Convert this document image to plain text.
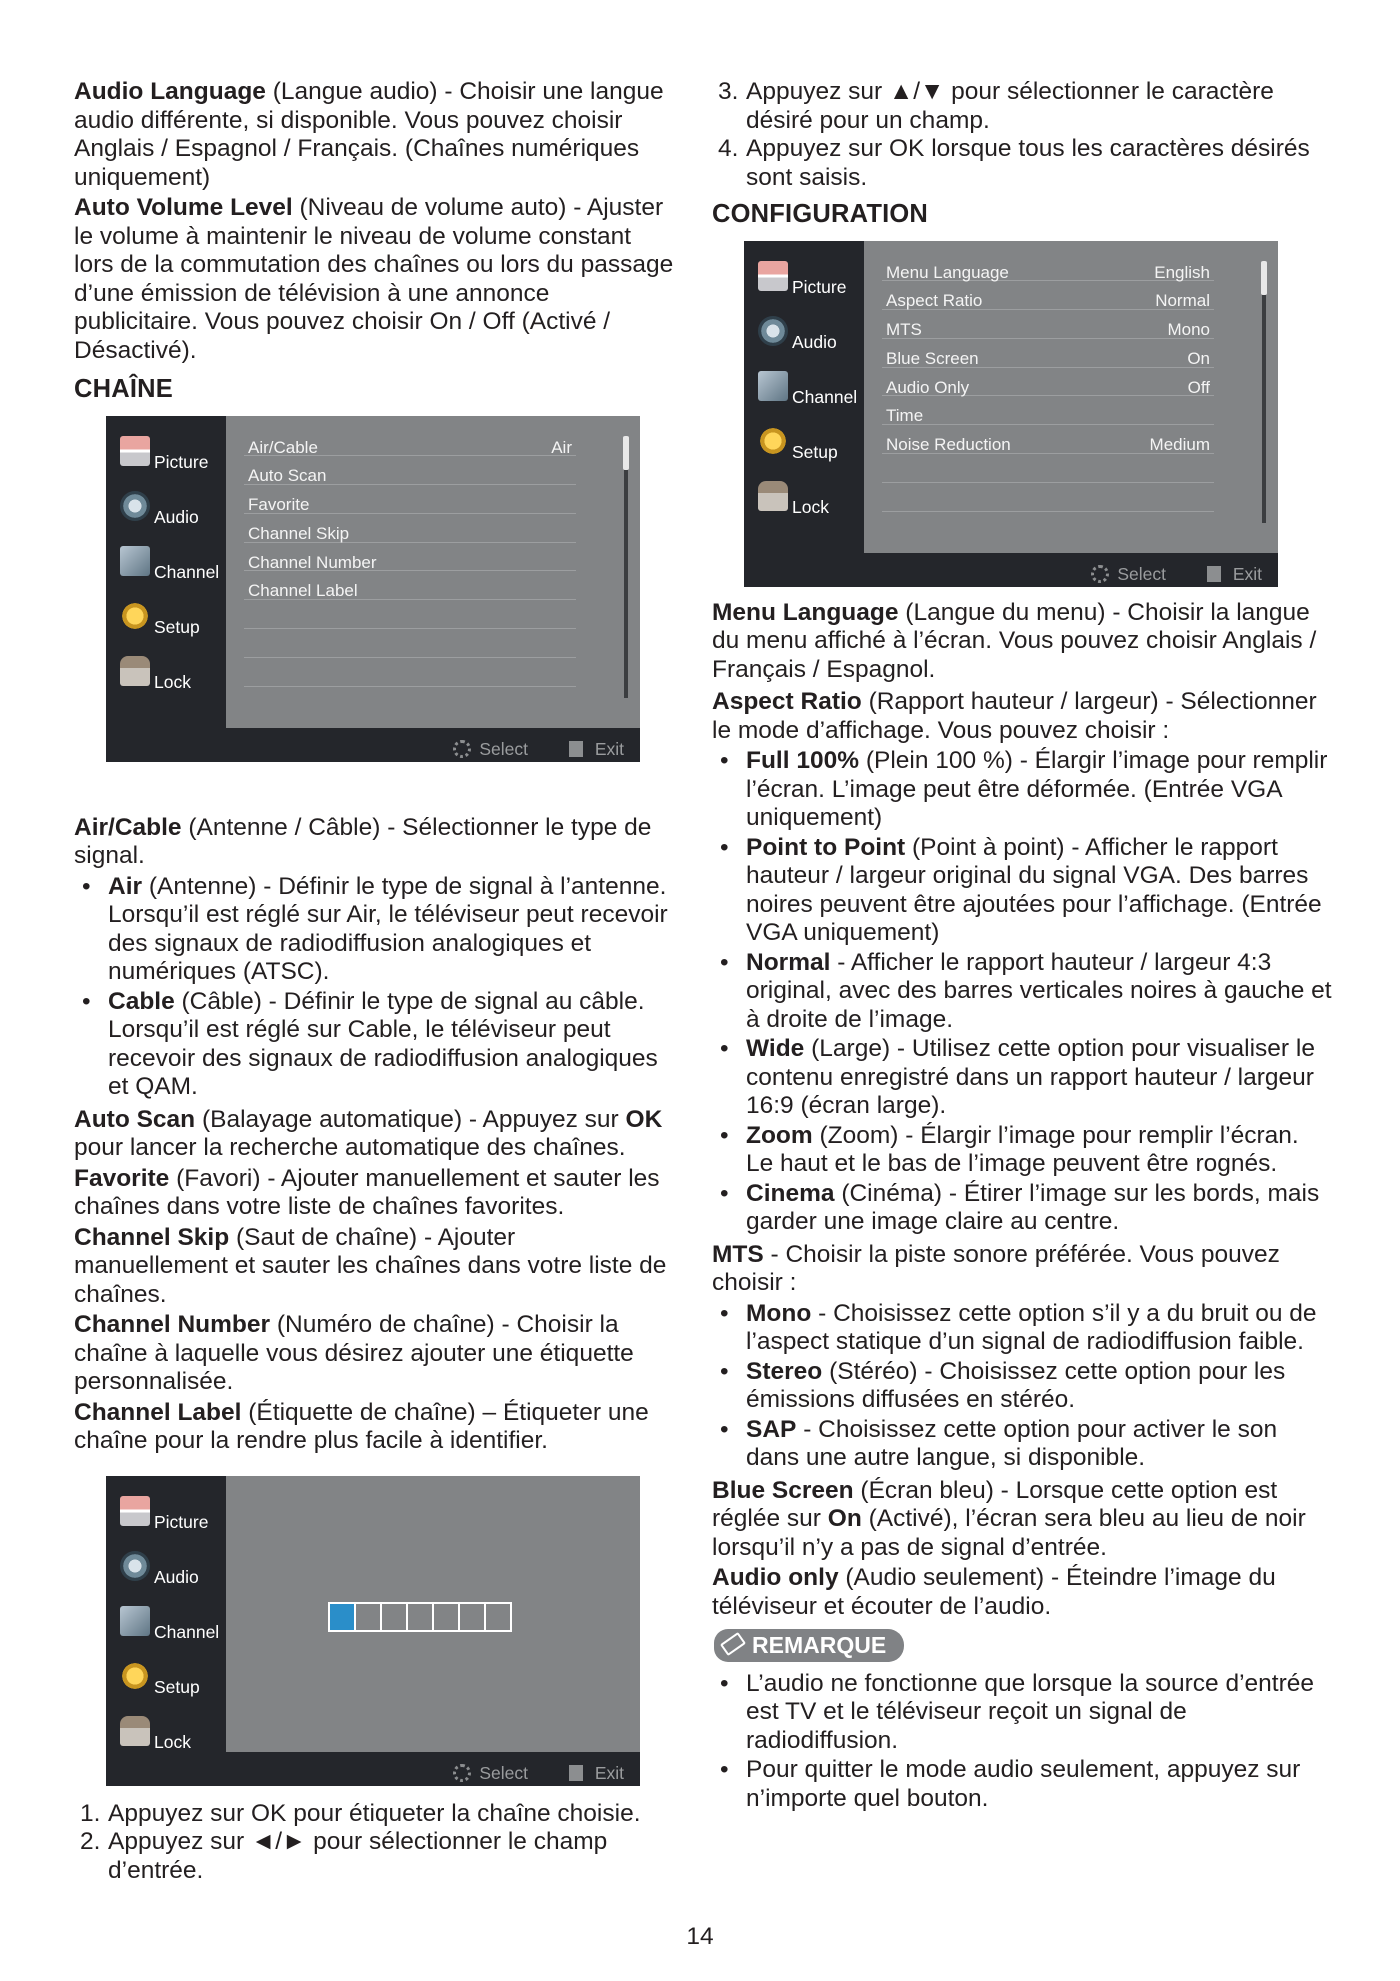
Audio Language (Langue audio) - Choisir une langue audio différente, si disponible. Vous pouvez choisir Anglais / Espagnol / Français. (Chaînes numériques uniquement)
Auto Volume Level (Niveau de volume auto) - Ajuster le volume à maintenir le niveau de volume constant lors de la commutation des chaînes ou lors du passage d’une émission de télévision à une annonce publicitaire. Vous pouvez choisir On / Off (Activé / Désactivé).
CHAÎNE
Picture
Audio
Channel
Setup
Lock
Air/Cable	Air
Auto Scan
Favorite
Channel Skip
Channel Number
Channel Label
Select	Exit
Air/Cable (Antenne / Câble) - Sélectionner le type de signal.
• Air (Antenne) - Définir le type de signal à l’antenne. Lorsqu’il est réglé sur Air, le téléviseur peut recevoir des signaux de radiodiffusion analogiques et numériques (ATSC).
• Cable (Câble) - Définir le type de signal au câble. Lorsqu’il est réglé sur Cable, le téléviseur peut recevoir des signaux de radiodiffusion analogiques et QAM.
Auto Scan (Balayage automatique) - Appuyez sur OK pour lancer la recherche automatique des chaînes.
Favorite (Favori) - Ajouter manuellement et sauter les chaînes dans votre liste de chaînes favorites.
Channel Skip (Saut de chaîne) - Ajouter manuellement et sauter les chaînes dans votre liste de chaînes.
Channel Number (Numéro de chaîne) - Choisir la chaîne à laquelle vous désirez ajouter une étiquette personnalisée.
Channel Label (Étiquette de chaîne) – Étiqueter une chaîne pour la rendre plus facile à identifier.
Picture
Audio
Channel
Setup
Lock
Select	Exit
1. Appuyez sur OK pour étiqueter la chaîne choisie.
2. Appuyez sur ◄/► pour sélectionner le champ d’entrée.
3. Appuyez sur ▲/▼ pour sélectionner le caractère désiré pour un champ.
4. Appuyez sur OK lorsque tous les caractères désirés sont saisis.
CONFIGURATION
Picture
Audio
Channel
Setup
Lock
Menu Language	English
Aspect Ratio	Normal
MTS	Mono
Blue Screen	On
Audio Only	Off
Time
Noise Reduction	Medium
Select	Exit
Menu Language (Langue du menu) - Choisir la langue du menu affiché à l’écran. Vous pouvez choisir Anglais / Français / Espagnol.
Aspect Ratio (Rapport hauteur / largeur) - Sélectionner le mode d’affichage. Vous pouvez choisir :
• Full 100% (Plein 100 %) - Élargir l’image pour remplir l’écran. L’image peut être déformée. (Entrée VGA uniquement)
• Point to Point (Point à point) - Afficher le rapport hauteur / largeur original du signal VGA. Des barres noires peuvent être ajoutées pour l’affichage. (Entrée VGA uniquement)
• Normal - Afficher le rapport hauteur / largeur 4:3 original, avec des barres verticales noires à gauche et à droite de l’image.
• Wide (Large) - Utilisez cette option pour visualiser le contenu enregistré dans un rapport hauteur / largeur 16:9 (écran large).
• Zoom (Zoom) - Élargir l’image pour remplir l’écran. Le haut et le bas de l’image peuvent être rognés.
• Cinema (Cinéma) - Étirer l’image sur les bords, mais garder une image claire au centre.
MTS - Choisir la piste sonore préférée. Vous pouvez choisir :
• Mono - Choisissez cette option s’il y a du bruit ou de l’aspect statique d’un signal de radiodiffusion faible.
• Stereo (Stéréo) - Choisissez cette option pour les émissions diffusées en stéréo.
• SAP - Choisissez cette option pour activer le son dans une autre langue, si disponible.
Blue Screen (Écran bleu) - Lorsque cette option est réglée sur On (Activé), l’écran sera bleu au lieu de noir lorsqu’il n’y a pas de signal d’entrée.
Audio only (Audio seulement) - Éteindre l’image du téléviseur et écouter de l’audio.
REMARQUE
• L’audio ne fonctionne que lorsque la source d’entrée est TV et le téléviseur reçoit un signal de radiodiffusion.
• Pour quitter le mode audio seulement, appuyez sur n’importe quel bouton.
14
